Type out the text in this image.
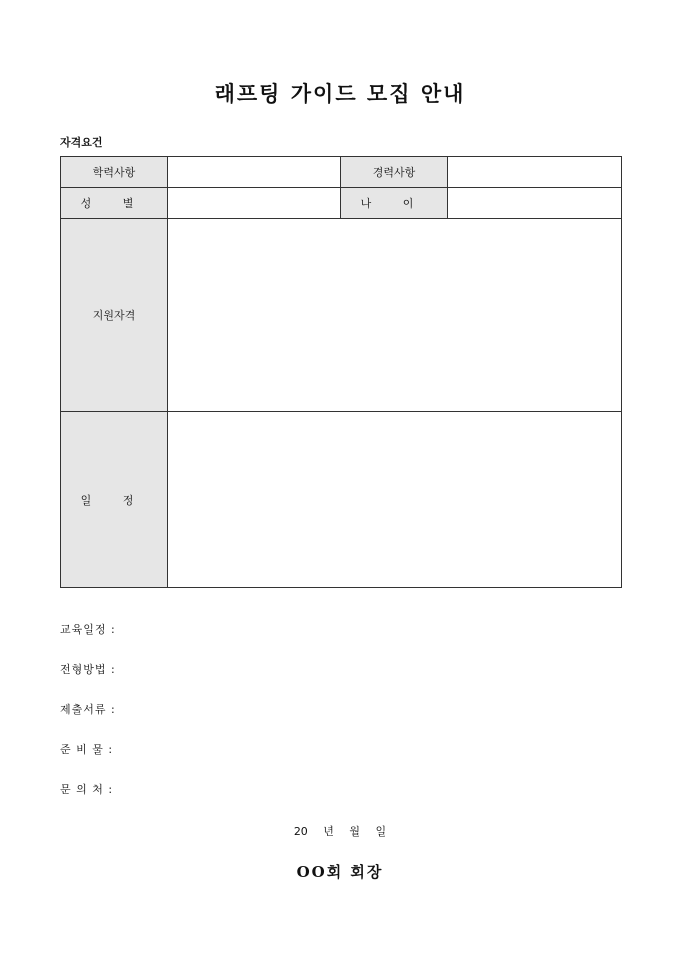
래프팅 가이드 모집 안내
자격요건
학력사항		경력사항	
성 별		나 이	
지원자격			
일 정			
교육일정 :
전형방법 :
제출서류 :
준 비 물 :
문 의 처 :
20 년 월 일
OO회 회장
